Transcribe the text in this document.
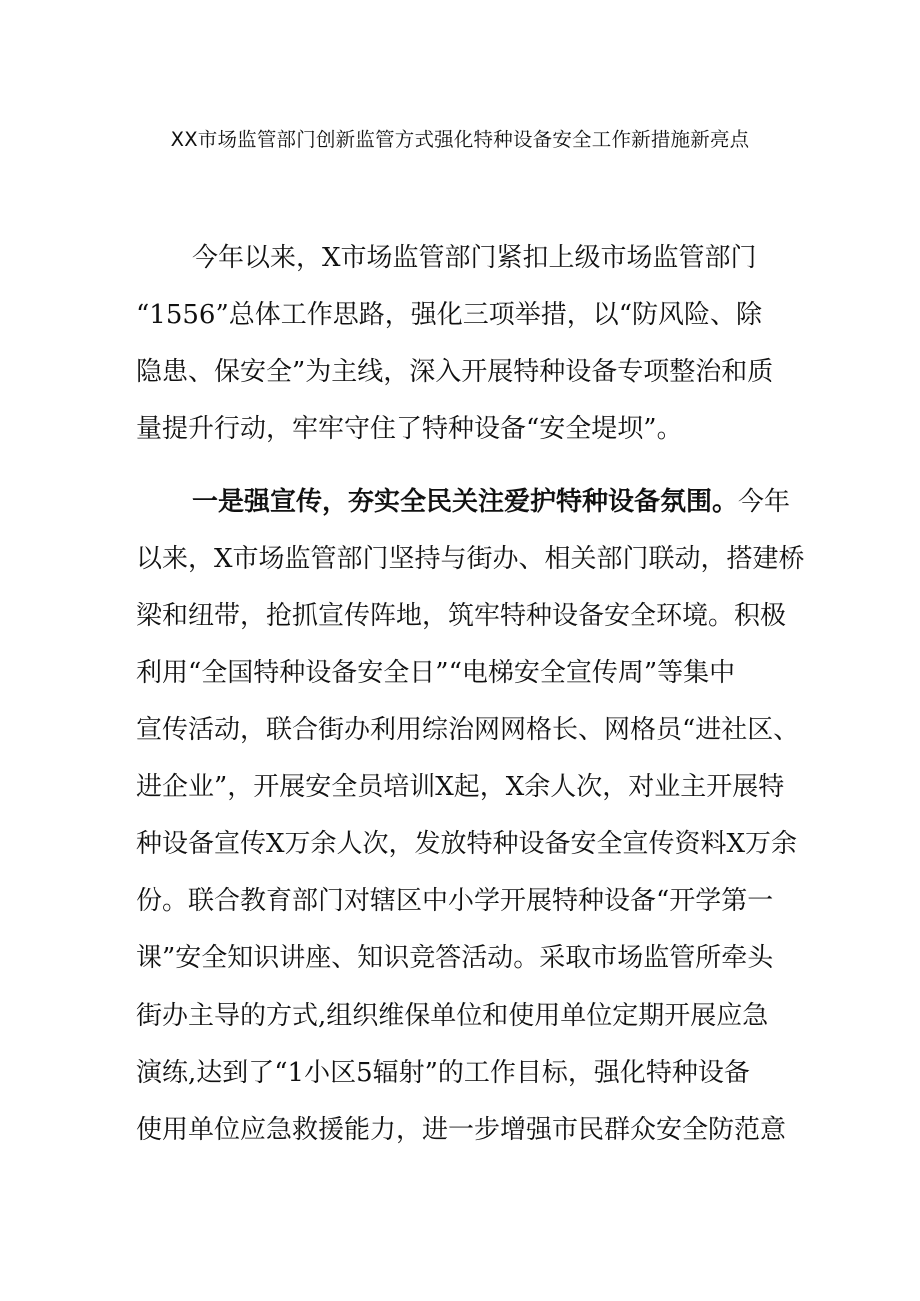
XX市场监管部门创新监管方式强化特种设备安全工作新措施新亮点
今年以来，X市场监管部门紧扣上级市场监管部门
“1556”总体工作思路，强化三项举措，以“防风险、除
隐患、保安全”为主线，深入开展特种设备专项整治和质
量提升行动，牢牢守住了特种设备“安全堤坝”。
一是强宣传，夯实全民关注爱护特种设备氛围。今年
以来，X市场监管部门坚持与街办、相关部门联动，搭建桥
梁和纽带，抢抓宣传阵地，筑牢特种设备安全环境。积极
利用“全国特种设备安全日”“电梯安全宣传周”等集中
宣传活动，联合街办利用综治网网格长、网格员“进社区、
进企业”，开展安全员培训X起，X余人次，对业主开展特
种设备宣传X万余人次，发放特种设备安全宣传资料X万余
份。联合教育部门对辖区中小学开展特种设备“开学第一
课”安全知识讲座、知识竞答活动。采取市场监管所牵头
街办主导的方式,组织维保单位和使用单位定期开展应急
演练,达到了“1小区5辐射”的工作目标，强化特种设备
使用单位应急救援能力，进一步增强市民群众安全防范意
